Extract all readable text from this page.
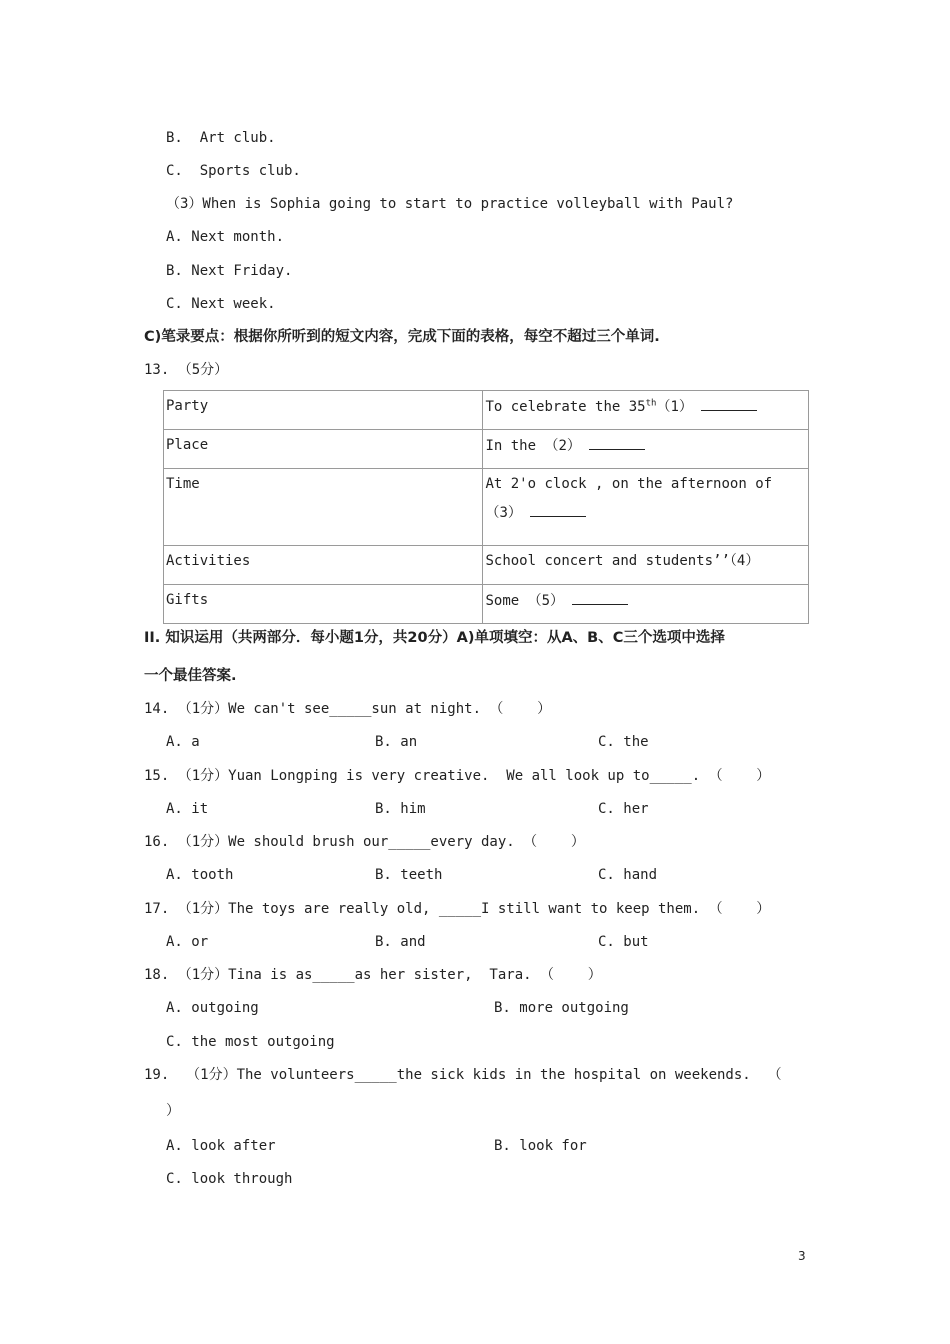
B.  Art club.
C.  Sports club.
（3）When is Sophia going to start to practice volleyball with Paul?
A. Next month.
B. Next Friday.
C. Next week.
C)笔录要点：根据你所听到的短文内容，完成下面的表格，每空不超过三个单词.
13. （5分）
Party	To celebrate the 35th（1）
Place	In the （2）
Time	At 2'o clock , on the afternoon of
（3）
Activities	School concert and students’’（4）
Gifts	Some （5）
II. 知识运用（共两部分．每小题1分，共20分）A)单项填空：从A、B、C三个选项中选择
一个最佳答案.
14. （1分）We can't see_____sun at night. （    ）
A. a	B. an	C. the
15. （1分）Yuan Longping is very creative.  We all look up to_____. （    ）
A. it	B. him	C. her
16. （1分）We should brush our_____every day. （    ）
A. tooth	B. teeth	C. hand
17. （1分）The toys are really old, _____I still want to keep them. （    ）
A. or	B. and	C. but
18. （1分）Tina is as_____as her sister,  Tara. （    ）
A. outgoing	B. more outgoing
C. the most outgoing
19.  （1分）The volunteers_____the sick kids in the hospital on weekends.  （
）
A. look after	B. look for
C. look through
3
